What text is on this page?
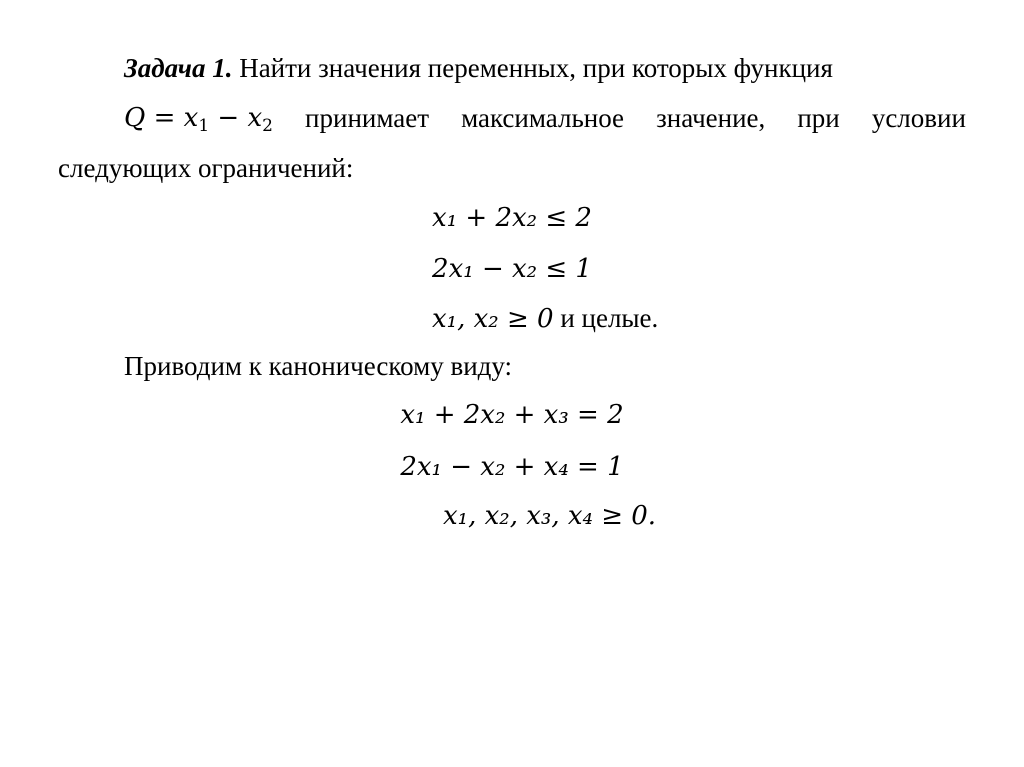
Задача 1. Найти значения переменных, при которых функция
$Q = x_1 - x_2$ принимает максимальное значение, при условии
следующих ограничений:
𝑥₁ + 2𝑥₂ ≤ 2
2𝑥₁ − 𝑥₂ ≤ 1
𝑥₁, 𝑥₂ ≥ 0 и целые.
Приводим к каноническому виду:
𝑥₁ + 2𝑥₂ + 𝑥₃ = 2
2𝑥₁ − 𝑥₂ + 𝑥₄ = 1
𝑥₁, 𝑥₂, 𝑥₃, 𝑥₄ ≥ 0.
